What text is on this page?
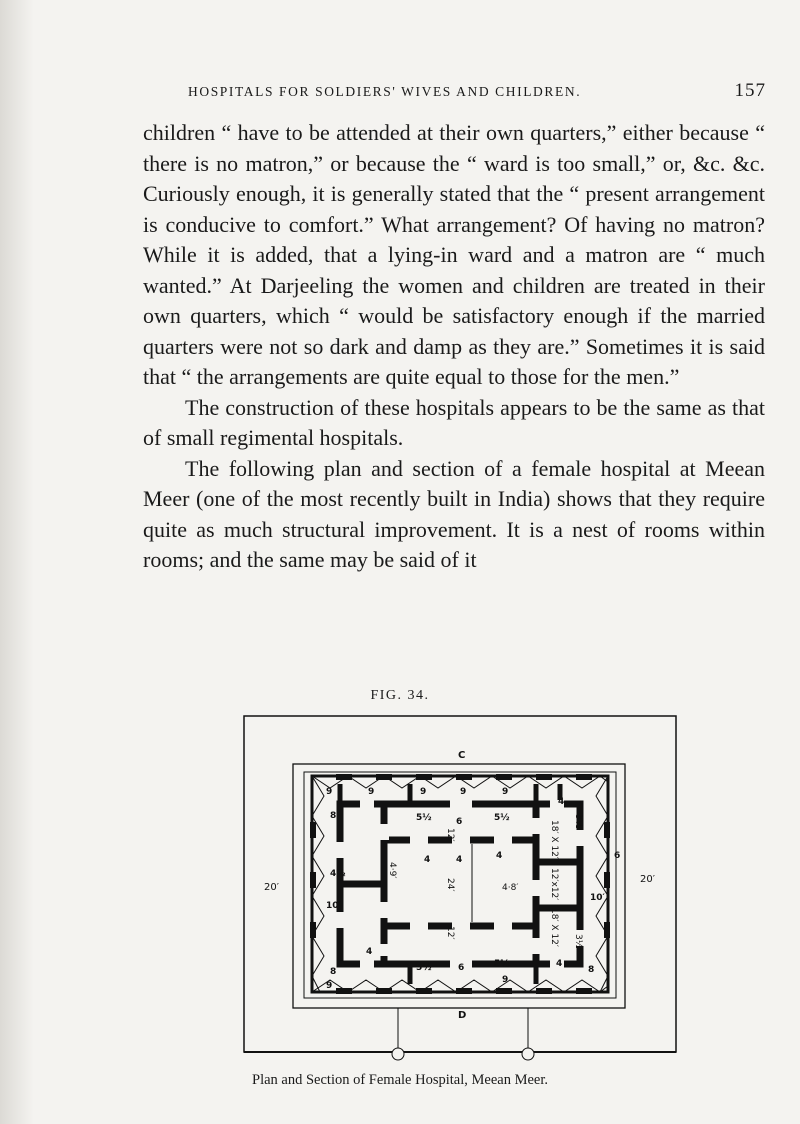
HOSPITALS FOR SOLDIERS' WIVES AND CHILDREN.	157

children “ have to be attended at their own quarters,” either because “ there is no matron,” or because the “ ward is too small,” or, &c. &c. Curiously enough, it is generally stated that the “ present arrangement is conducive to comfort.” What arrangement? Of having no matron? While it is added, that a lying-in ward and a matron are “ much wanted.” At Darjeeling the women and children are treated in their own quarters, which “ would be satisfactory enough if the married quarters were not so dark and damp as they are.” Sometimes it is said that “ the arrangements are quite equal to those for the men.”

The construction of these hospitals appears to be the same as that of small regimental hospitals.

The following plan and section of a female hospital at Meean Meer (one of the most recently built in India) shows that they require quite as much structural improvement. It is a nest of rooms within rooms; and the same may be said of it

FIG. 34.
C
D
20′
20′
9	9	9	9	9
9
9
8
8	8
6
6
6
5½	5½
5½	5½
4	4	4
4
4
4
4½
10′
10′
12′
12′
24′	4·8′
4·9′
18′ X 12′
18′ X 12′
12′x12′
3½
3½
Plan and Section of Female Hospital, Meean Meer.
